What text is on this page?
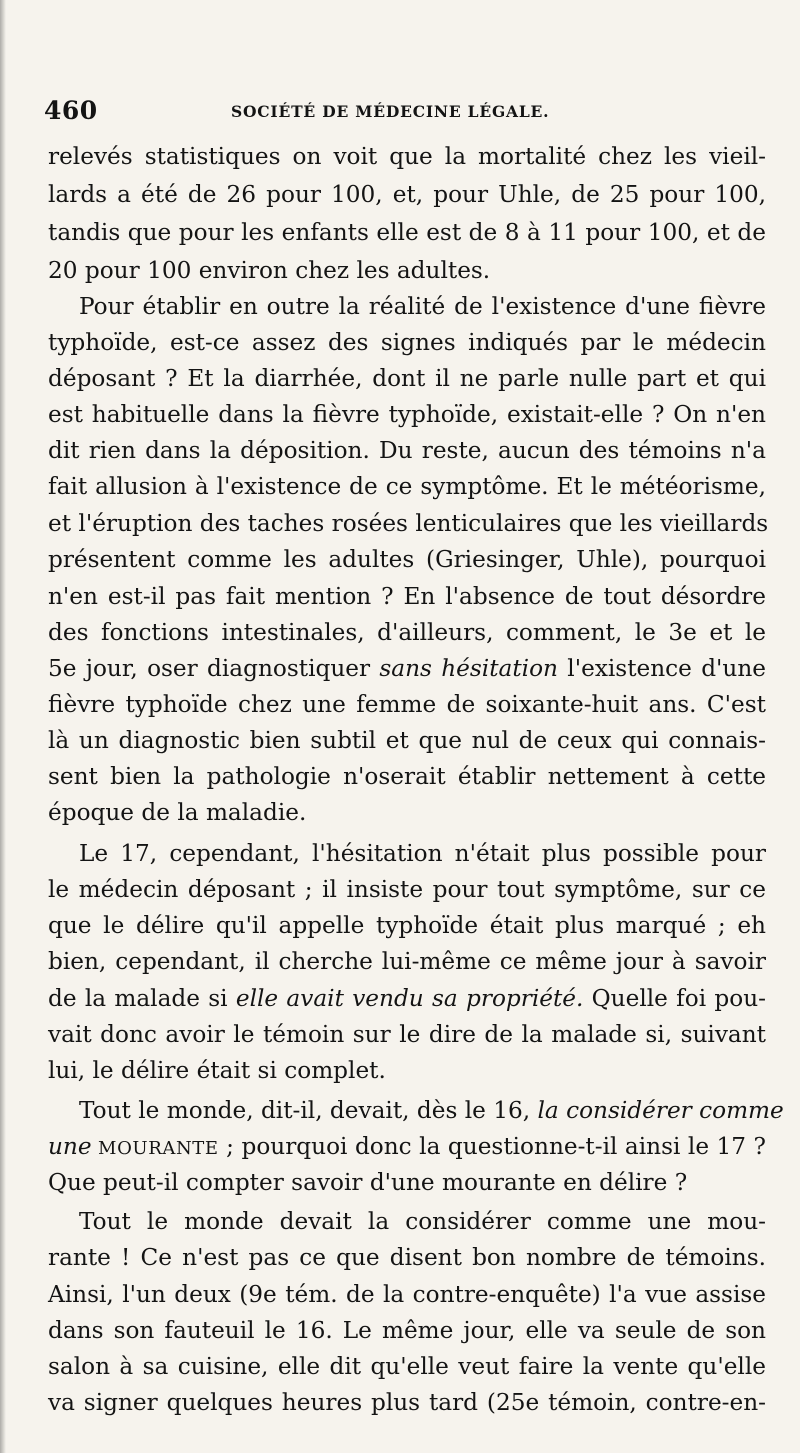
460	SOCIÉTÉ DE MÉDECINE LÉGALE.
relevés statistiques on voit que la mortalité chez les vieil-
lards a été de 26 pour 100, et, pour Uhle, de 25 pour 100,
tandis que pour les enfants elle est de 8 à 11 pour 100, et de
20 pour 100 environ chez les adultes.
Pour établir en outre la réalité de l'existence d'une fièvre
typhoïde, est-ce assez des signes indiqués par le médecin
déposant ? Et la diarrhée, dont il ne parle nulle part et qui
est habituelle dans la fièvre typhoïde, existait-elle ? On n'en
dit rien dans la déposition. Du reste, aucun des témoins n'a
fait allusion à l'existence de ce symptôme. Et le météorisme,
et l'éruption des taches rosées lenticulaires que les vieillards
présentent comme les adultes (Griesinger, Uhle), pourquoi
n'en est-il pas fait mention ? En l'absence de tout désordre
des fonctions intestinales, d'ailleurs, comment, le 3e et le
5e jour, oser diagnostiquer sans hésitation l'existence d'une
fièvre typhoïde chez une femme de soixante-huit ans. C'est
là un diagnostic bien subtil et que nul de ceux qui connais-
sent bien la pathologie n'oserait établir nettement à cette
époque de la maladie.
Le 17, cependant, l'hésitation n'était plus possible pour
le médecin déposant ; il insiste pour tout symptôme, sur ce
que le délire qu'il appelle typhoïde était plus marqué ; eh
bien, cependant, il cherche lui-même ce même jour à savoir
de la malade si elle avait vendu sa propriété. Quelle foi pou-
vait donc avoir le témoin sur le dire de la malade si, suivant
lui, le délire était si complet.
Tout le monde, dit-il, devait, dès le 16, la considérer comme
une MOURANTE ; pourquoi donc la questionne-t-il ainsi le 17 ?
Que peut-il compter savoir d'une mourante en délire ?
Tout le monde devait la considérer comme une mou-
rante ! Ce n'est pas ce que disent bon nombre de témoins.
Ainsi, l'un deux (9e tém. de la contre-enquête) l'a vue assise
dans son fauteuil le 16. Le même jour, elle va seule de son
salon à sa cuisine, elle dit qu'elle veut faire la vente qu'elle
va signer quelques heures plus tard (25e témoin, contre-en-
